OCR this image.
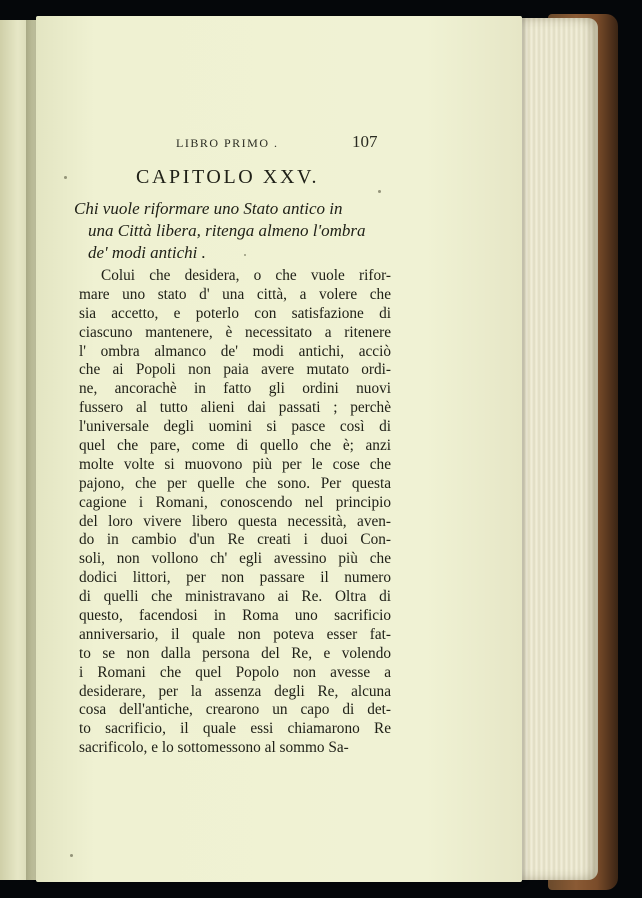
LIBRO PRIMO .	107
CAPITOLO XXV.
Chi vuole riformare uno Stato antico in
una Città libera, ritenga almeno l'ombra
de' modi antichi .
Colui che desidera, o che vuole rifor-
mare uno stato d' una città, a volere che
sia accetto, e poterlo con satisfazione di
ciascuno mantenere, è necessitato a ritenere
l' ombra almanco de' modi antichi, acciò
che ai Popoli non paia avere mutato ordi-
ne, ancorachè in fatto gli ordini nuovi
fussero al tutto alieni dai passati ; perchè
l'universale degli uomini si pasce così di
quel che pare, come di quello che è; anzi
molte volte si muovono più per le cose che
pajono, che per quelle che sono. Per questa
cagione i Romani, conoscendo nel principio
del loro vivere libero questa necessità, aven-
do in cambio d'un Re creati i duoi Con-
soli, non vollono ch' egli avessino più che
dodici littori, per non passare il numero
di quelli che ministravano ai Re. Oltra di
questo, facendosi in Roma uno sacrificio
anniversario, il quale non poteva esser fat-
to se non dalla persona del Re, e volendo
i Romani che quel Popolo non avesse a
desiderare, per la assenza degli Re, alcuna
cosa dell'antiche, crearono un capo di det-
to sacrificio, il quale essi chiamarono Re
sacrificolo, e lo sottomessono al sommo Sa-
